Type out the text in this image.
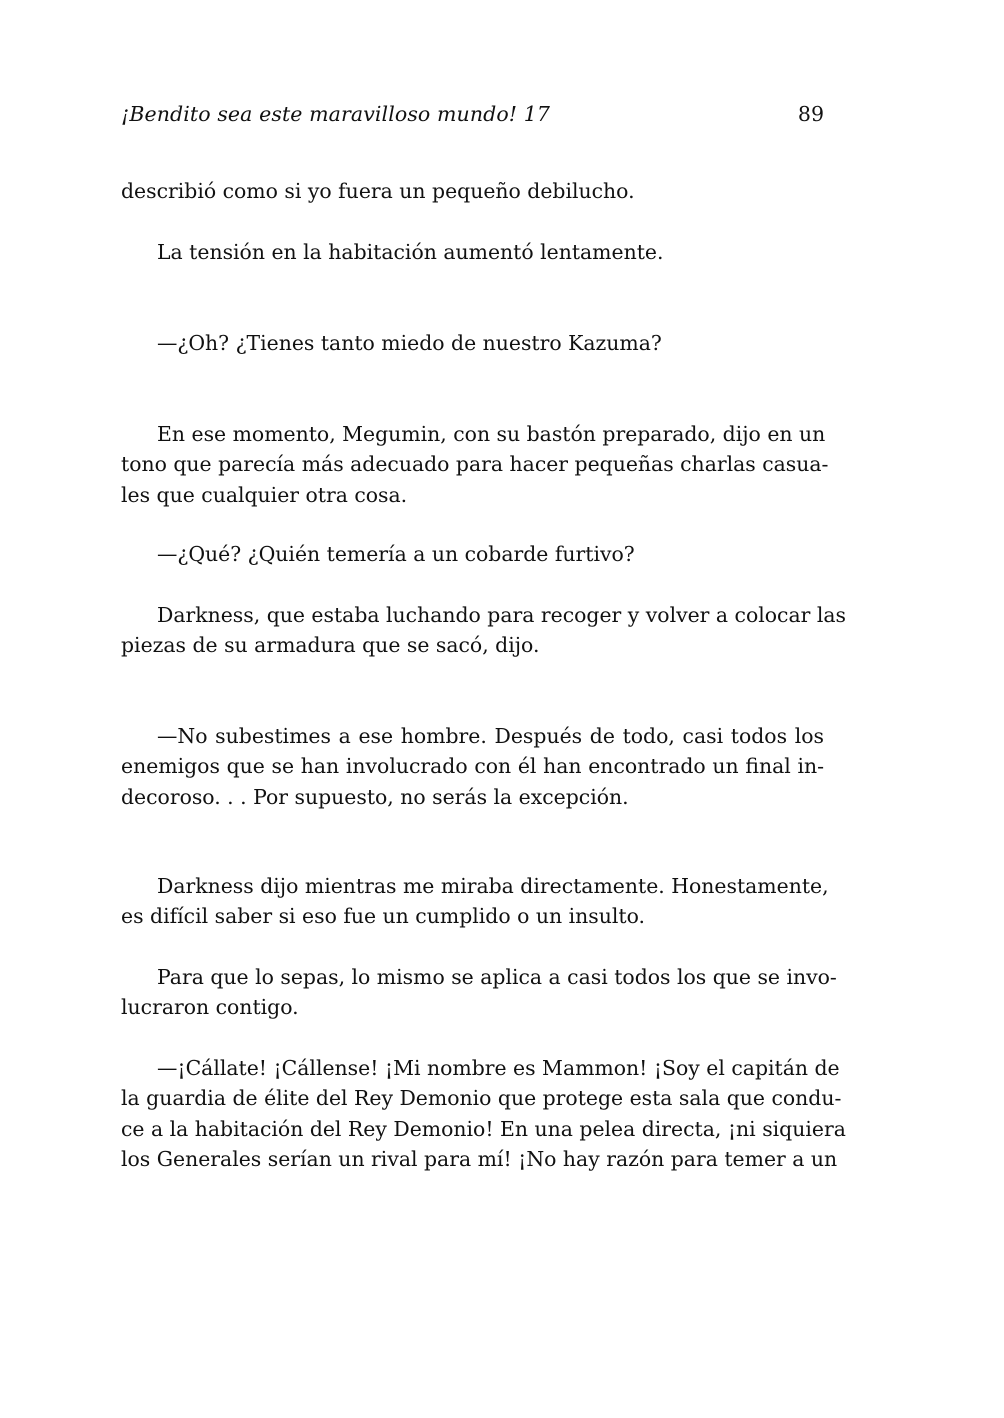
¡Bendito sea este maravilloso mundo! 17	89

describió como si yo fuera un pequeño debilucho.

La tensión en la habitación aumentó lentamente.

—¿Oh? ¿Tienes tanto miedo de nuestro Kazuma?

En ese momento, Megumin, con su bastón preparado, dijo en un
tono que parecía más adecuado para hacer pequeñas charlas casua-
les que cualquier otra cosa.

—¿Qué? ¿Quién temería a un cobarde furtivo?

Darkness, que estaba luchando para recoger y volver a colocar las
piezas de su armadura que se sacó, dijo.

—No subestimes a ese hombre. Después de todo, casi todos los
enemigos que se han involucrado con él han encontrado un final in-
decoroso. . . Por supuesto, no serás la excepción.

Darkness dijo mientras me miraba directamente. Honestamente,
es difícil saber si eso fue un cumplido o un insulto.

Para que lo sepas, lo mismo se aplica a casi todos los que se invo-
lucraron contigo.

—¡Cállate! ¡Cállense! ¡Mi nombre es Mammon! ¡Soy el capitán de
la guardia de élite del Rey Demonio que protege esta sala que condu-
ce a la habitación del Rey Demonio! En una pelea directa, ¡ni siquiera
los Generales serían un rival para mí! ¡No hay razón para temer a un
